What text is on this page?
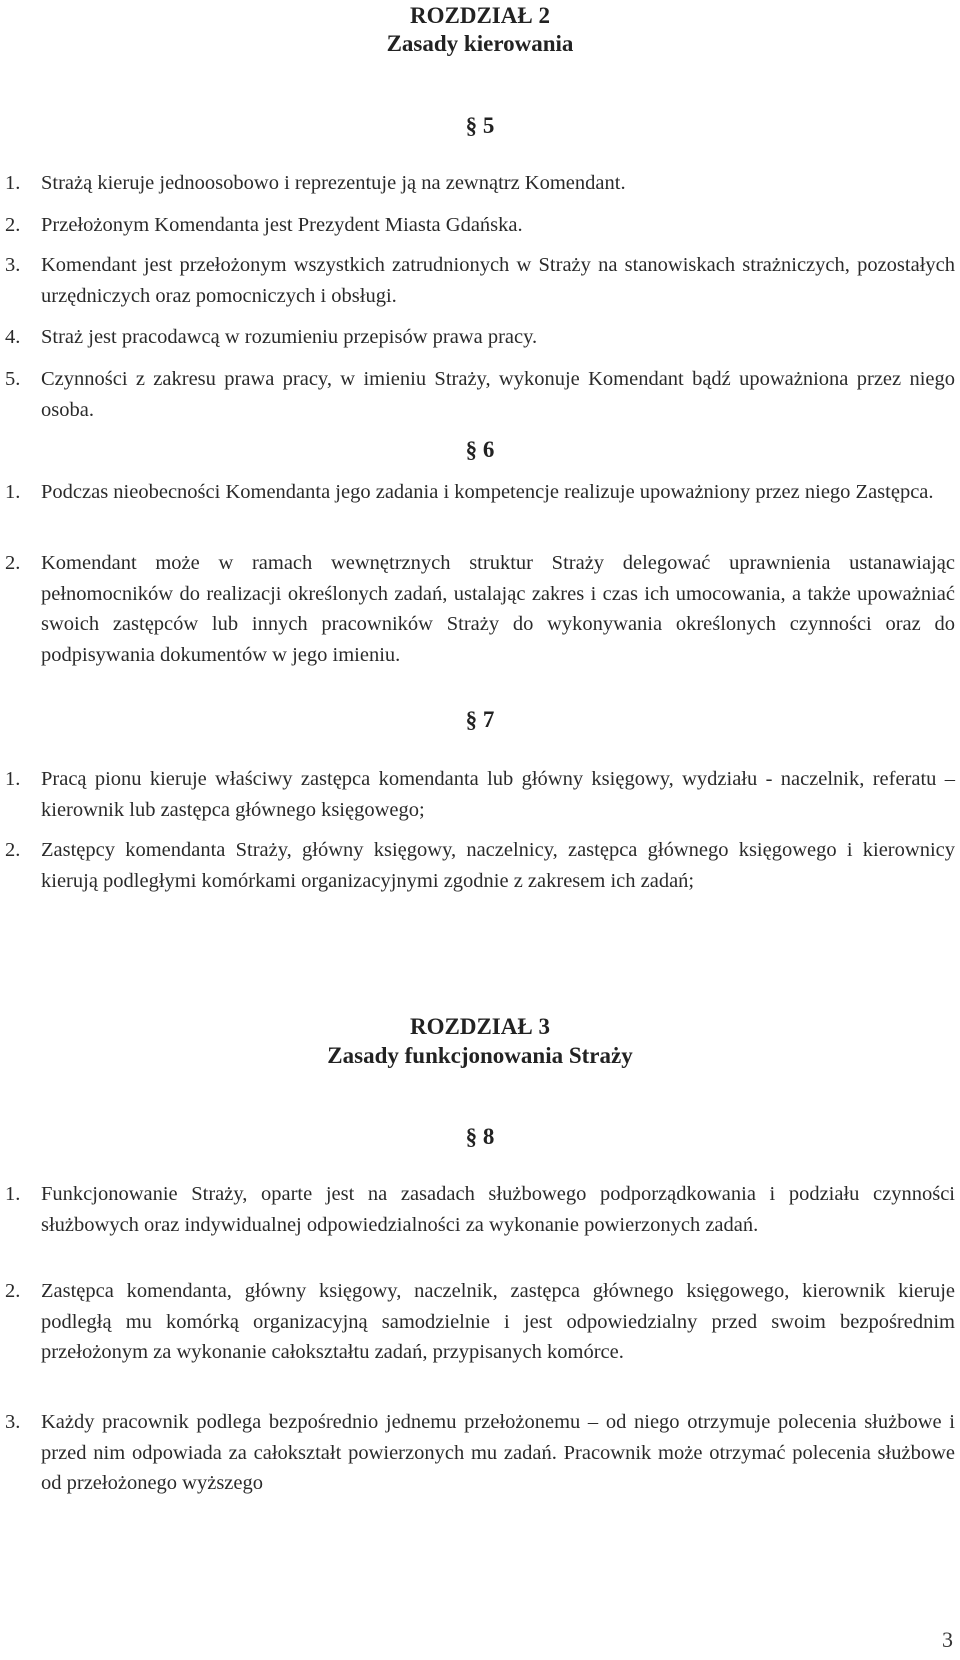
ROZDZIAŁ 2
Zasady kierowania
§ 5
1. Strażą kieruje jednoosobowo i reprezentuje ją na zewnątrz Komendant.
2. Przełożonym Komendanta jest Prezydent Miasta Gdańska.
3. Komendant jest przełożonym wszystkich zatrudnionych w Straży na stanowiskach strażniczych, pozostałych urzędniczych oraz pomocniczych i obsługi.
4. Straż jest pracodawcą w rozumieniu przepisów prawa pracy.
5. Czynności z zakresu prawa pracy, w imieniu Straży, wykonuje Komendant bądź upoważniona przez niego osoba.
§ 6
1. Podczas nieobecności Komendanta jego zadania i kompetencje realizuje upoważniony przez niego Zastępca.
2. Komendant może w ramach wewnętrznych struktur Straży delegować uprawnienia ustanawiając pełnomocników do realizacji określonych zadań, ustalając zakres i czas ich umocowania, a także upoważniać swoich zastępców lub innych pracowników Straży do wykonywania określonych czynności oraz do podpisywania dokumentów w jego imieniu.
§ 7
1. Pracą pionu kieruje właściwy zastępca komendanta lub główny księgowy, wydziału - naczelnik, referatu – kierownik lub zastępca głównego księgowego;
2. Zastępcy komendanta Straży, główny księgowy, naczelnicy, zastępca głównego księgowego i kierownicy kierują podległymi komórkami organizacyjnymi zgodnie z zakresem ich zadań;
ROZDZIAŁ 3
Zasady funkcjonowania Straży
§ 8
1. Funkcjonowanie Straży, oparte jest na zasadach służbowego podporządkowania i podziału czynności służbowych oraz indywidualnej odpowiedzialności za wykonanie powierzonych zadań.
2. Zastępca komendanta, główny księgowy, naczelnik, zastępca głównego księgowego, kierownik kieruje podległą mu komórką organizacyjną samodzielnie i jest odpowiedzialny przed swoim bezpośrednim przełożonym za wykonanie całokształtu zadań, przypisanych komórce.
3. Każdy pracownik podlega bezpośrednio jednemu przełożonemu – od niego otrzymuje polecenia służbowe i przed nim odpowiada za całokształt powierzonych mu zadań. Pracownik może otrzymać polecenia służbowe od przełożonego wyższego
3
